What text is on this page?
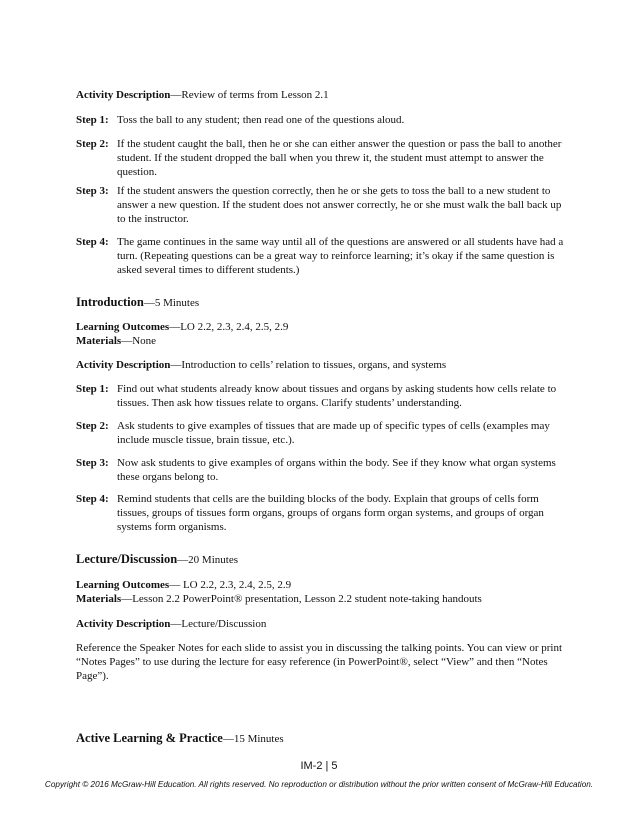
Activity Description—Review of terms from Lesson 2.1
Step 1: Toss the ball to any student; then read one of the questions aloud.
Step 2: If the student caught the ball, then he or she can either answer the question or pass the ball to another student. If the student dropped the ball when you threw it, the student must attempt to answer the question.
Step 3: If the student answers the question correctly, then he or she gets to toss the ball to a new student to answer a new question. If the student does not answer correctly, he or she must walk the ball back up to the instructor.
Step 4: The game continues in the same way until all of the questions are answered or all students have had a turn. (Repeating questions can be a great way to reinforce learning; it’s okay if the same question is asked several times to different students.)
Introduction—5 Minutes
Learning Outcomes—LO 2.2, 2.3, 2.4, 2.5, 2.9
Materials—None
Activity Description—Introduction to cells’ relation to tissues, organs, and systems
Step 1: Find out what students already know about tissues and organs by asking students how cells relate to tissues. Then ask how tissues relate to organs. Clarify students’ understanding.
Step 2: Ask students to give examples of tissues that are made up of specific types of cells (examples may include muscle tissue, brain tissue, etc.).
Step 3: Now ask students to give examples of organs within the body. See if they know what organ systems these organs belong to.
Step 4: Remind students that cells are the building blocks of the body. Explain that groups of cells form tissues, groups of tissues form organs, groups of organs form organ systems, and groups of organ systems form organisms.
Lecture/Discussion—20 Minutes
Learning Outcomes— LO 2.2, 2.3, 2.4, 2.5, 2.9
Materials—Lesson 2.2 PowerPoint® presentation, Lesson 2.2 student note-taking handouts
Activity Description—Lecture/Discussion
Reference the Speaker Notes for each slide to assist you in discussing the talking points. You can view or print “Notes Pages” to use during the lecture for easy reference (in PowerPoint®, select “View” and then “Notes Page”).
Active Learning & Practice—15 Minutes
IM-2 | 5
Copyright © 2016 McGraw-Hill Education. All rights reserved. No reproduction or distribution without the prior written consent of McGraw-Hill Education.
